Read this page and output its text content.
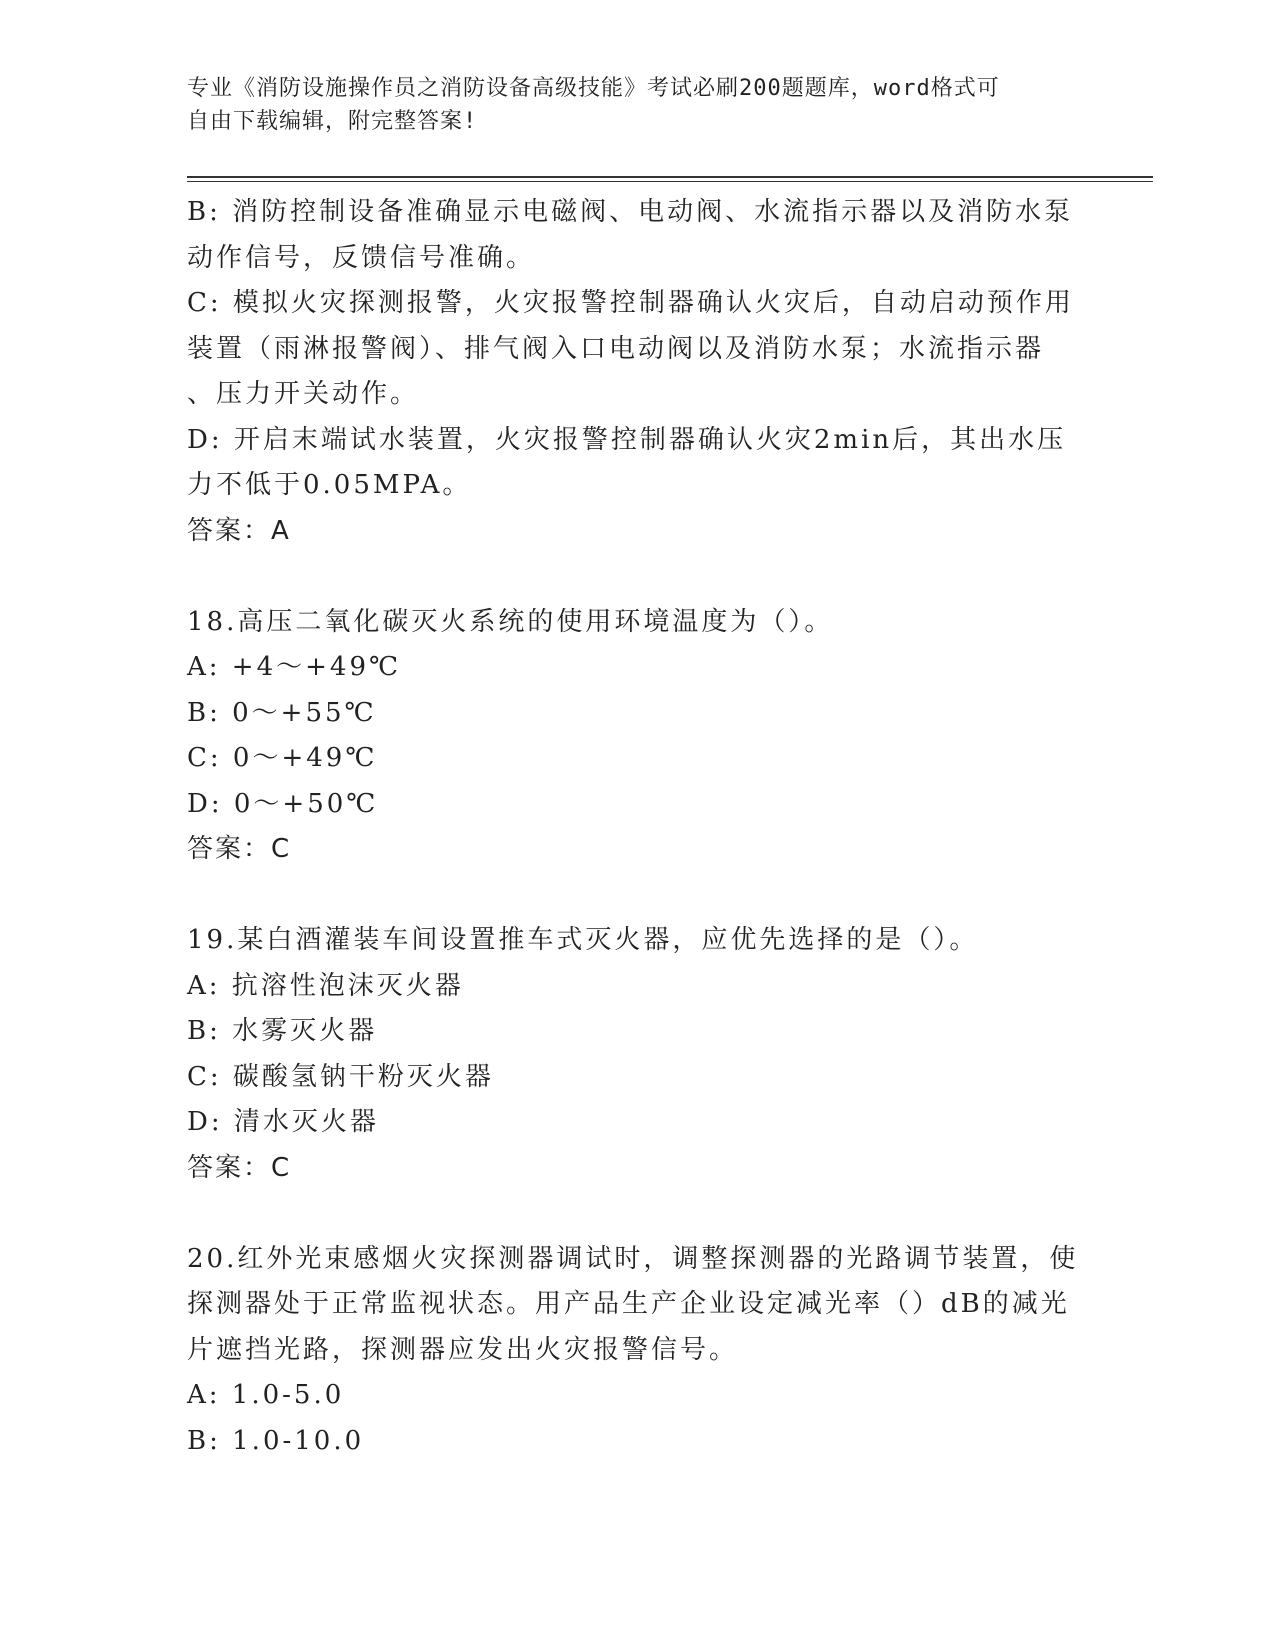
专业《消防设施操作员之消防设备高级技能》考试必刷200题题库，word格式可
自由下载编辑，附完整答案!
B: 消防控制设备准确显示电磁阀、电动阀、水流指示器以及消防水泵
动作信号，反馈信号准确。
C: 模拟火灾探测报警，火灾报警控制器确认火灾后，自动启动预作用
装置（雨淋报警阀）、排气阀入口电动阀以及消防水泵；水流指示器
、压力开关动作。
D: 开启末端试水装置，火灾报警控制器确认火灾2min后，其出水压
力不低于0.05MPA。
答案：A
18.高压二氧化碳灭火系统的使用环境温度为（）。
A: +4～+49℃
B: 0～+55℃
C: 0～+49℃
D: 0～+50℃
答案：C
19.某白酒灌装车间设置推车式灭火器，应优先选择的是（）。
A: 抗溶性泡沫灭火器
B: 水雾灭火器
C: 碳酸氢钠干粉灭火器
D: 清水灭火器
答案：C
20.红外光束感烟火灾探测器调试时，调整探测器的光路调节装置，使
探测器处于正常监视状态。用产品生产企业设定减光率（）dB的减光
片遮挡光路，探测器应发出火灾报警信号。
A: 1.0-5.0
B: 1.0-10.0
